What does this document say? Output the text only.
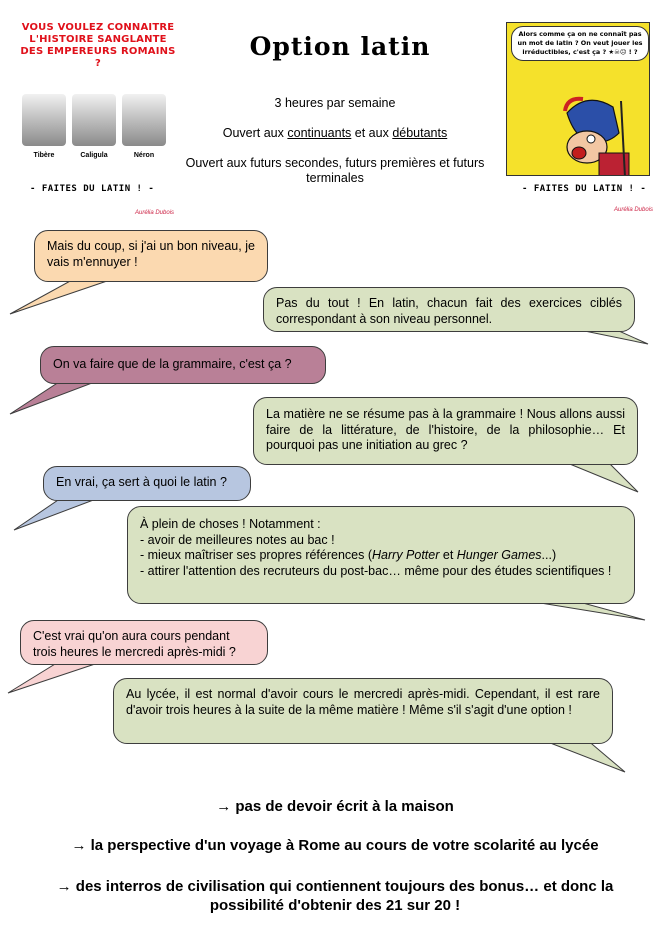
VOUS VOULEZ CONNAITRE
L'HISTOIRE SANGLANTE
DES EMPEREURS ROMAINS ?
Tibère	Caligula	Néron
- FAITES DU LATIN ! -
Aurélia Dubois
Option latin
3 heures par semaine
Ouvert aux continuants et aux débutants
Ouvert aux futurs secondes, futurs premières et futurs terminales
Alors comme ça on ne connaît pas un mot de latin ? On veut jouer les irréductibles, c'est ça ? ★☠☹ ! ?
- FAITES DU LATIN ! -
Aurélia Dubois
Mais du coup, si j'ai un bon niveau, je vais m'ennuyer !
Pas du tout ! En latin, chacun fait des exercices ciblés correspondant à son niveau personnel.
On va faire que de la grammaire, c'est ça ?
La matière ne se résume pas à la grammaire ! Nous allons aussi faire de la littérature, de l'histoire, de la philosophie… Et pourquoi pas une initiation au grec ?
En vrai, ça sert à quoi le latin ?
À plein de choses ! Notamment :
- avoir de meilleures notes au bac !
- mieux maîtriser ses propres références (Harry Potter et Hunger Games...)
- attirer l'attention des recruteurs du post-bac… même pour des études scientifiques !
C'est vrai qu'on aura cours pendant trois heures le mercredi après-midi ?
Au lycée, il est normal d'avoir cours le mercredi après-midi. Cependant, il est rare d'avoir trois heures à la suite de la même matière ! Même s'il s'agit d'une option !
→ pas de devoir écrit à la maison
→ la perspective d'un voyage à Rome au cours de votre scolarité au lycée
→ des interros de civilisation qui contiennent toujours des bonus… et donc la possibilité d'obtenir des 21 sur 20 !
